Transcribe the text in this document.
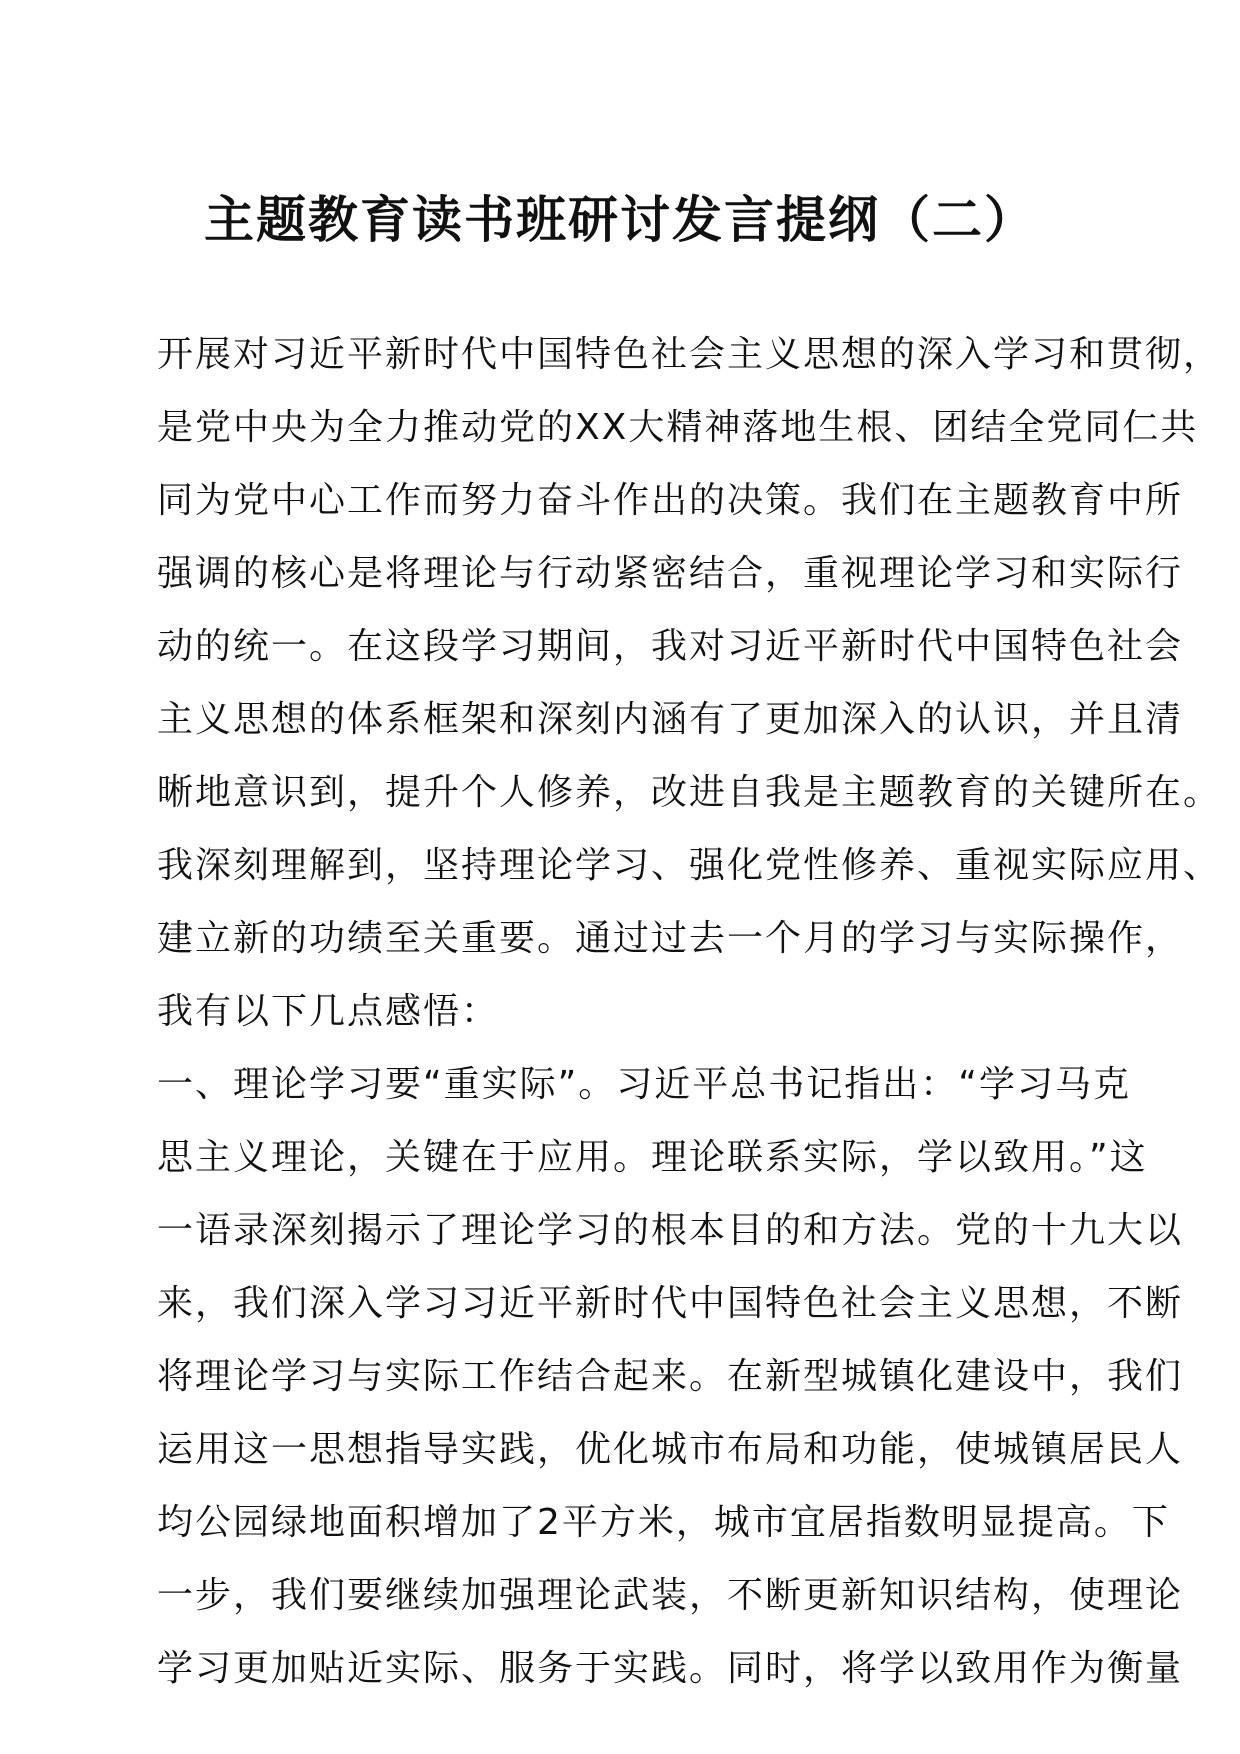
主题教育读书班研讨发言提纲（二）
开展对习近平新时代中国特色社会主义思想的深入学习和贯彻，
是党中央为全力推动党的XX大精神落地生根、团结全党同仁共
同为党中心工作而努力奋斗作出的决策。我们在主题教育中所
强调的核心是将理论与行动紧密结合，重视理论学习和实际行
动的统一。在这段学习期间，我对习近平新时代中国特色社会
主义思想的体系框架和深刻内涵有了更加深入的认识，并且清
晰地意识到，提升个人修养，改进自我是主题教育的关键所在。
我深刻理解到，坚持理论学习、强化党性修养、重视实际应用、
建立新的功绩至关重要。通过过去一个月的学习与实际操作，
我有以下几点感悟：
一、理论学习要“重实际”。习近平总书记指出：“学习马克
思主义理论，关键在于应用。理论联系实际，学以致用。”这
一语录深刻揭示了理论学习的根本目的和方法。党的十九大以
来，我们深入学习习近平新时代中国特色社会主义思想，不断
将理论学习与实际工作结合起来。在新型城镇化建设中，我们
运用这一思想指导实践，优化城市布局和功能，使城镇居民人
均公园绿地面积增加了2平方米，城市宜居指数明显提高。下
一步，我们要继续加强理论武装，不断更新知识结构，使理论
学习更加贴近实际、服务于实践。同时，将学以致用作为衡量
